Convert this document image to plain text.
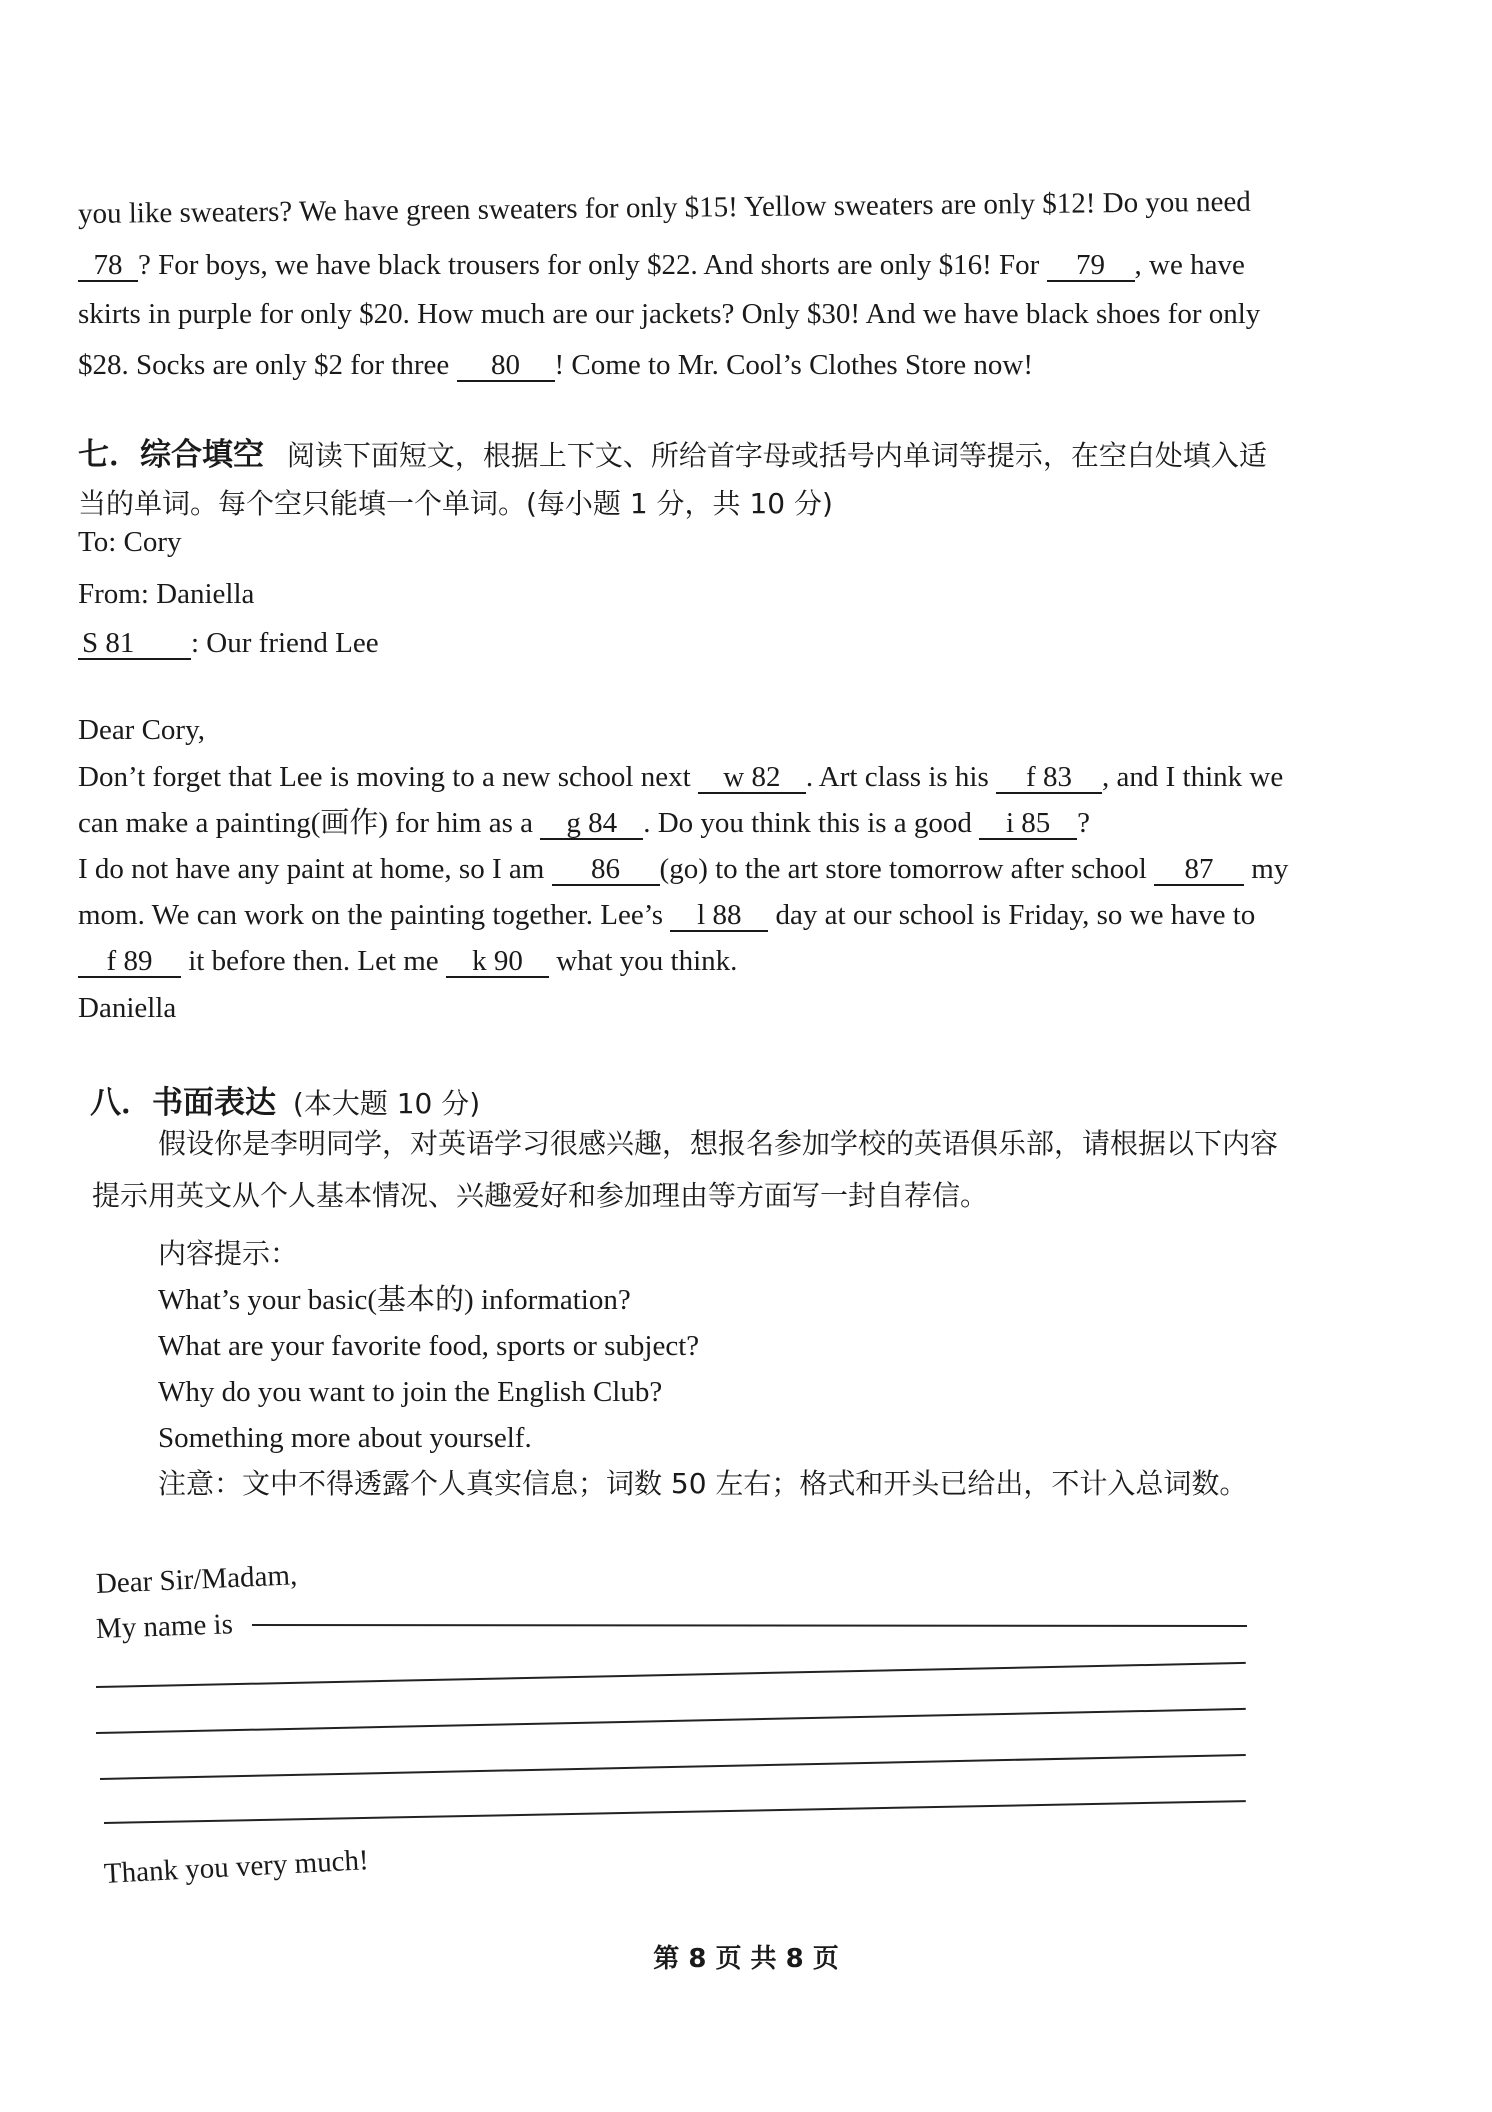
you like sweaters? We have green sweaters for only $15! Yellow sweaters are only $12! Do you need
78 ? For boys, we have black trousers for only $22. And shorts are only $16! For 79 , we have
skirts in purple for only $20. How much are our jackets? Only $30! And we have black shoes for only
$28. Socks are only $2 for three 80 ! Come to Mr. Cool’s Clothes Store now!
七．综合填空 阅读下面短文，根据上下文、所给首字母或括号内单词等提示，在空白处填入适
当的单词。每个空只能填一个单词。(每小题 1 分，共 10 分)
To: Cory
From: Daniella
S 81 : Our friend Lee
Dear Cory,
Don’t forget that Lee is moving to a new school next w 82 . Art class is his f 83 , and I think we
can make a painting(画作) for him as a g 84 . Do you think this is a good i 85 ?
I do not have any paint at home, so I am 86 (go) to the art store tomorrow after school 87 my
mom. We can work on the painting together. Lee’s l 88 day at our school is Friday, so we have to
f 89 it before then. Let me k 90 what you think.
Daniella
八．书面表达 (本大题 10 分)
假设你是李明同学，对英语学习很感兴趣，想报名参加学校的英语俱乐部，请根据以下内容
提示用英文从个人基本情况、兴趣爱好和参加理由等方面写一封自荐信。
内容提示：
What’s your basic(基本的) information?
What are your favorite food, sports or subject?
Why do you want to join the English Club?
Something more about yourself.
注意：文中不得透露个人真实信息；词数 50 左右；格式和开头已给出，不计入总词数。
Dear Sir/Madam,
My name is
Thank you very much!
第 8 页 共 8 页
